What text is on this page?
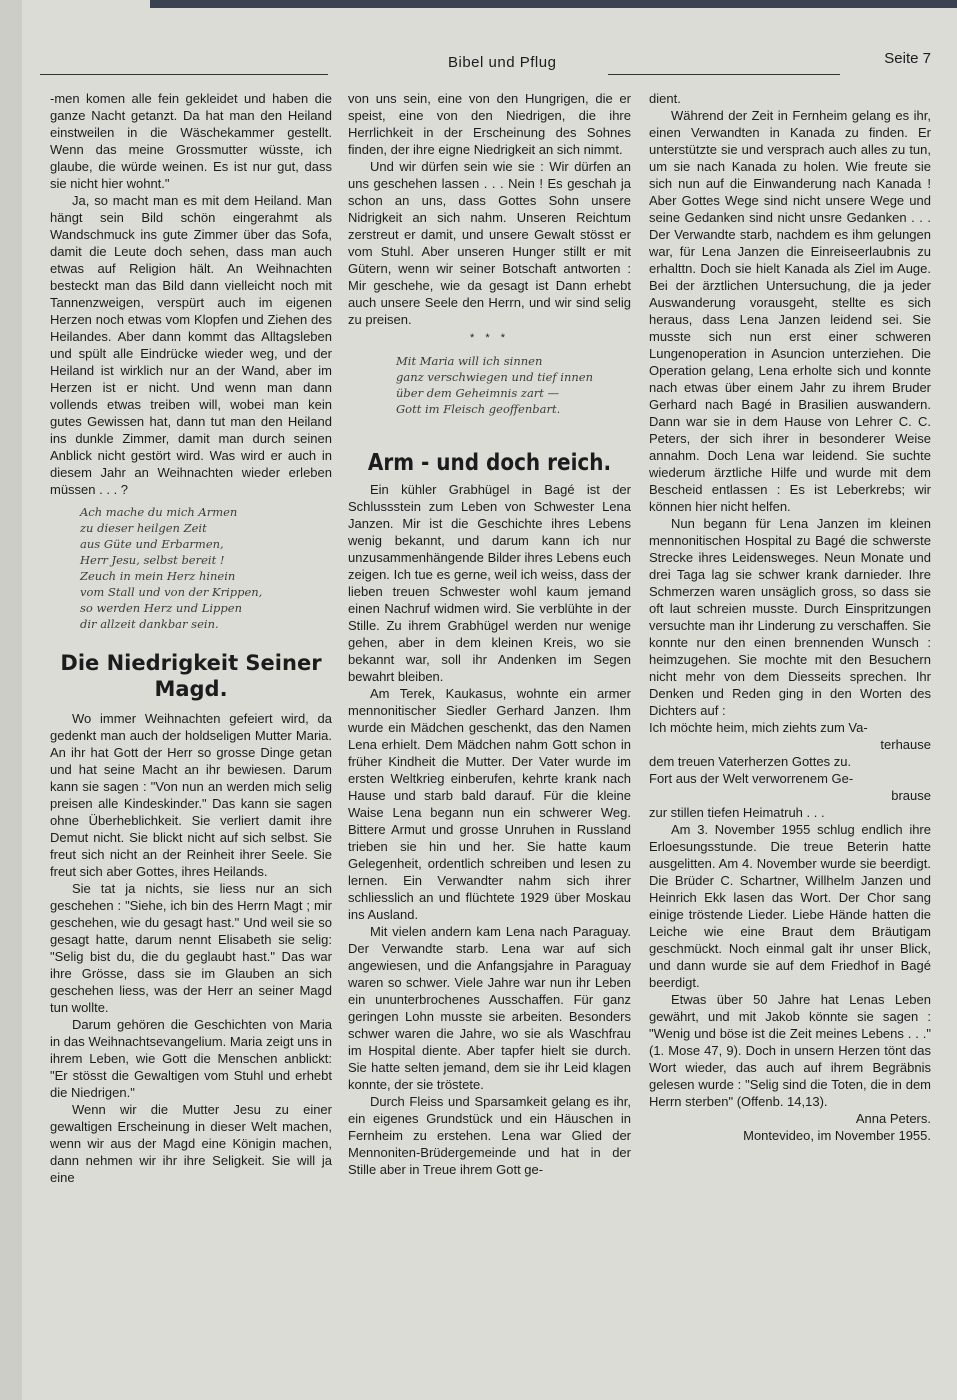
Bibel und Pflug	Seite 7

-men komen alle fein gekleidet und haben die ganze Nacht getanzt. Da hat man den Heiland einstweilen in die Wäschekammer gestellt. Wenn das meine Grossmutter wüsste, ich glaube, die würde weinen. Es ist nur gut, dass sie nicht hier wohnt."

Ja, so macht man es mit dem Heiland. Man hängt sein Bild schön eingerahmt als Wandschmuck ins gute Zimmer über das Sofa, damit die Leute doch sehen, dass man auch etwas auf Religion hält. An Weihnachten besteckt man das Bild dann vielleicht noch mit Tannenzweigen, verspürt auch im eigenen Herzen noch etwas vom Klopfen und Ziehen des Heilandes. Aber dann kommt das Alltagsleben und spült alle Eindrücke wieder weg, und der Heiland ist wirklich nur an der Wand, aber im Herzen ist er nicht. Und wenn man dann vollends etwas treiben will, wobei man kein gutes Gewissen hat, dann tut man den Heiland ins dunkle Zimmer, damit man durch seinen Anblick nicht gestört wird. Was wird er auch in diesem Jahr an Weihnachten wieder erleben müssen . . . ?

Ach mache du mich Armen
zu dieser heilgen Zeit
aus Güte und Erbarmen,
Herr Jesu, selbst bereit !
Zeuch in mein Herz hinein
vom Stall und von der Krippen,
so werden Herz und Lippen
dir allzeit dankbar sein.
Die Niedrigkeit Seiner Magd.

Wo immer Weihnachten gefeiert wird, da gedenkt man auch der holdseligen Mutter Maria. An ihr hat Gott der Herr so grosse Dinge getan und hat seine Macht an ihr bewiesen. Darum kann sie sagen : "Von nun an werden mich selig preisen alle Kindeskinder." Das kann sie sagen ohne Überheblichkeit. Sie verliert damit ihre Demut nicht. Sie blickt nicht auf sich selbst. Sie freut sich nicht an der Reinheit ihrer Seele. Sie freut sich aber Gottes, ihres Heilands.

Sie tat ja nichts, sie liess nur an sich geschehen : "Siehe, ich bin des Herrn Magt ; mir geschehen, wie du gesagt hast." Und weil sie so gesagt hatte, darum nennt Elisabeth sie selig: "Selig bist du, die du geglaubt hast." Das war ihre Grösse, dass sie im Glauben an sich geschehen liess, was der Herr an seiner Magd tun wollte.

Darum gehören die Geschichten von Maria in das Weihnachtsevangelium. Maria zeigt uns in ihrem Leben, wie Gott die Menschen anblickt: "Er stösst die Gewaltigen vom Stuhl und erhebt die Niedrigen."

Wenn wir die Mutter Jesu zu einer gewaltigen Erscheinung in dieser Welt machen, wenn wir aus der Magd eine Königin machen, dann nehmen wir ihr ihre Seligkeit. Sie will ja eine

von uns sein, eine von den Hungrigen, die er speist, eine von den Niedrigen, die ihre Herrlichkeit in der Erscheinung des Sohnes finden, der ihre eigne Niedrigkeit an sich nimmt.

Und wir dürfen sein wie sie : Wir dürfen an uns geschehen lassen . . . Nein ! Es geschah ja schon an uns, dass Gottes Sohn unsere Nidrigkeit an sich nahm. Unseren Reichtum zerstreut er damit, und unsere Gewalt stösst er vom Stuhl. Aber unseren Hunger stillt er mit Gütern, wenn wir seiner Botschaft antworten : Mir geschehe, wie da gesagt ist Dann erhebt auch unsere Seele den Herrn, und wir sind selig zu preisen.

* * *
Mit Maria will ich sinnen
ganz verschwiegen und tief innen
über dem Geheimnis zart —
Gott im Fleisch geoffenbart.
Arm - und doch reich.

Ein kühler Grabhügel in Bagé ist der Schlussstein zum Leben von Schwester Lena Janzen. Mir ist die Geschichte ihres Lebens wenig bekannt, und darum kann ich nur unzusammenhängende Bilder ihres Lebens euch zeigen. Ich tue es gerne, weil ich weiss, dass der lieben treuen Schwester wohl kaum jemand einen Nachruf widmen wird. Sie verblühte in der Stille. Zu ihrem Grabhügel werden nur wenige gehen, aber in dem kleinen Kreis, wo sie bekannt war, soll ihr Andenken im Segen bewahrt bleiben.

Am Terek, Kaukasus, wohnte ein armer mennonitischer Siedler Gerhard Janzen. Ihm wurde ein Mädchen geschenkt, das den Namen Lena erhielt. Dem Mädchen nahm Gott schon in früher Kindheit die Mutter. Der Vater wurde im ersten Weltkrieg einberufen, kehrte krank nach Hause und starb bald darauf. Für die kleine Waise Lena begann nun ein schwerer Weg. Bittere Armut und grosse Unruhen in Russland trieben sie hin und her. Sie hatte kaum Gelegenheit, ordentlich schreiben und lesen zu lernen. Ein Verwandter nahm sich ihrer schliesslich an und flüchtete 1929 über Moskau ins Ausland.

Mit vielen andern kam Lena nach Paraguay. Der Verwandte starb. Lena war auf sich angewiesen, und die Anfangsjahre in Paraguay waren so schwer. Viele Jahre war nun ihr Leben ein ununterbrochenes Ausschaffen. Für ganz geringen Lohn musste sie arbeiten. Besonders schwer waren die Jahre, wo sie als Waschfrau im Hospital diente. Aber tapfer hielt sie durch. Sie hatte selten jemand, dem sie ihr Leid klagen konnte, der sie tröstete.

Durch Fleiss und Sparsamkeit gelang es ihr, ein eigenes Grundstück und ein Häuschen in Fernheim zu erstehen. Lena war Glied der Mennoniten-Brüdergemeinde und hat in der Stille aber in Treue ihrem Gott ge-

dient.

Während der Zeit in Fernheim gelang es ihr, einen Verwandten in Kanada zu finden. Er unterstützte sie und versprach auch alles zu tun, um sie nach Kanada zu holen. Wie freute sie sich nun auf die Einwanderung nach Kanada ! Aber Gottes Wege sind nicht unsere Wege und seine Gedanken sind nicht unsre Gedanken . . . Der Verwandte starb, nachdem es ihm gelungen war, für Lena Janzen die Einreiseerlaubnis zu erhalttn. Doch sie hielt Kanada als Ziel im Auge. Bei der ärztlichen Untersuchung, die ja jeder Auswanderung vorausgeht, stellte es sich heraus, dass Lena Janzen leidend sei. Sie musste sich nun erst einer schweren Lungenoperation in Asuncion unterziehen. Die Operation gelang, Lena erholte sich und konnte nach etwas über einem Jahr zu ihrem Bruder Gerhard nach Bagé in Brasilien auswandern. Dann war sie in dem Hause von Lehrer C. C. Peters, der sich ihrer in besonderer Weise annahm. Doch Lena war leidend. Sie suchte wiederum ärztliche Hilfe und wurde mit dem Bescheid entlassen : Es ist Leberkrebs; wir können hier nicht helfen.

Nun begann für Lena Janzen im kleinen mennonitischen Hospital zu Bagé die schwerste Strecke ihres Leidensweges. Neun Monate und drei Taga lag sie schwer krank darnieder. Ihre Schmerzen waren unsäglich gross, so dass sie oft laut schreien musste. Durch Einspritzungen versuchte man ihr Linderung zu verschaffen. Sie konnte nur den einen brennenden Wunsch : heimzugehen. Sie mochte mit den Besuchern nicht mehr von dem Diesseits sprechen. Ihr Denken und Reden ging in den Worten des Dichters auf :

Ich möchte heim, mich ziehts zum Va-

terhause

dem treuen Vaterherzen Gottes zu.

Fort aus der Welt verworrenem Ge-

brause

zur stillen tiefen Heimatruh . . .

Am 3. November 1955 schlug endlich ihre Erloesungsstunde. Die treue Beterin hatte ausgelitten. Am 4. November wurde sie beerdigt. Die Brüder C. Schartner, Willhelm Janzen und Heinrich Ekk lasen das Wort. Der Chor sang einige tröstende Lieder. Liebe Hände hatten die Leiche wie eine Braut dem Bräutigam geschmückt. Noch einmal galt ihr unser Blick, und dann wurde sie auf dem Friedhof in Bagé beerdigt.

Etwas über 50 Jahre hat Lenas Leben gewährt, und mit Jakob könnte sie sagen : "Wenig und böse ist die Zeit meines Lebens . . ." (1. Mose 47, 9). Doch in unsern Herzen tönt das Wort wieder, das auch auf ihrem Begräbnis gelesen wurde : "Selig sind die Toten, die in dem Herrn sterben" (Offenb. 14,13).

Anna Peters.

Montevideo, im November 1955.
